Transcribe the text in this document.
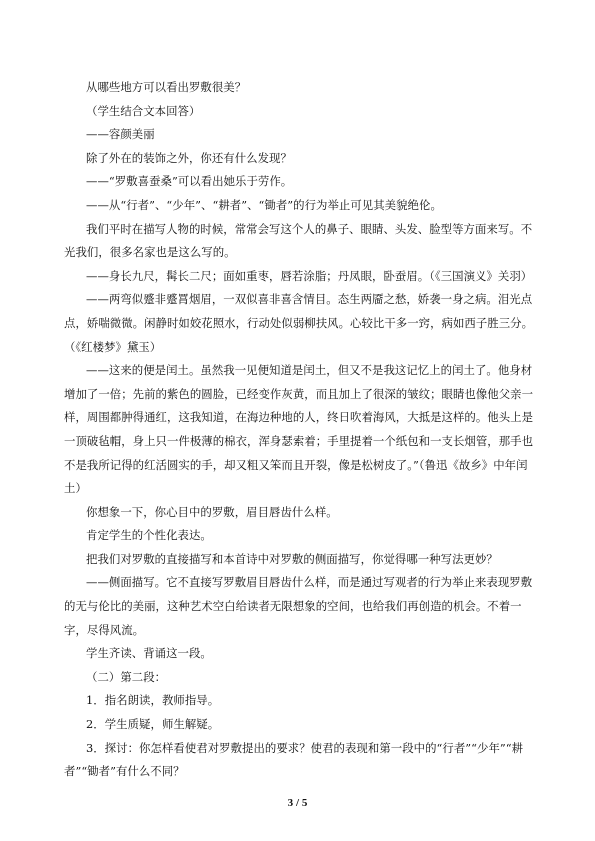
从哪些地方可以看出罗敷很美？

（学生结合文本回答）

——容颜美丽

除了外在的装饰之外，你还有什么发现？

——“罗敷喜蚕桑”可以看出她乐于劳作。

——从“行者”、“少年”、“耕者”、“锄者”的行为举止可见其美貌绝伦。

我们平时在描写人物的时候，常常会写这个人的鼻子、眼睛、头发、脸型等方面来写。不光我们，很多名家也是这么写的。

——身长九尺，髯长二尺；面如重枣，唇若涂脂；丹凤眼，卧蚕眉。（《三国演义》关羽）

——两弯似蹙非蹙罥烟眉，一双似喜非喜含情目。态生两靥之愁，娇袭一身之病。泪光点点，娇喘微微。闲静时如姣花照水，行动处似弱柳扶风。心较比干多一窍，病如西子胜三分。（《红楼梦》黛玉）

——这来的便是闰土。虽然我一见便知道是闰土，但又不是我这记忆上的闰土了。他身材增加了一倍；先前的紫色的圆脸，已经变作灰黄，而且加上了很深的皱纹；眼睛也像他父亲一样，周围都肿得通红，这我知道，在海边种地的人，终日吹着海风，大抵是这样的。他头上是一顶破毡帽，身上只一件极薄的棉衣，浑身瑟索着；手里提着一个纸包和一支长烟管，那手也不是我所记得的红活圆实的手，却又粗又笨而且开裂，像是松树皮了。”（鲁迅《故乡》中年闰土）

你想象一下，你心目中的罗敷，眉目唇齿什么样。

肯定学生的个性化表达。

把我们对罗敷的直接描写和本首诗中对罗敷的侧面描写，你觉得哪一种写法更妙？

——侧面描写。它不直接写罗敷眉目唇齿什么样，而是通过写观者的行为举止来表现罗敷的无与伦比的美丽，这种艺术空白给读者无限想象的空间，也给我们再创造的机会。不着一字，尽得风流。

学生齐读、背诵这一段。

（二）第二段：

1．指名朗读，教师指导。

2．学生质疑，师生解疑。

3．探讨：你怎样看使君对罗敷提出的要求？使君的表现和第一段中的“行者”“少年”“耕者”“锄者”有什么不同？

3 / 5
